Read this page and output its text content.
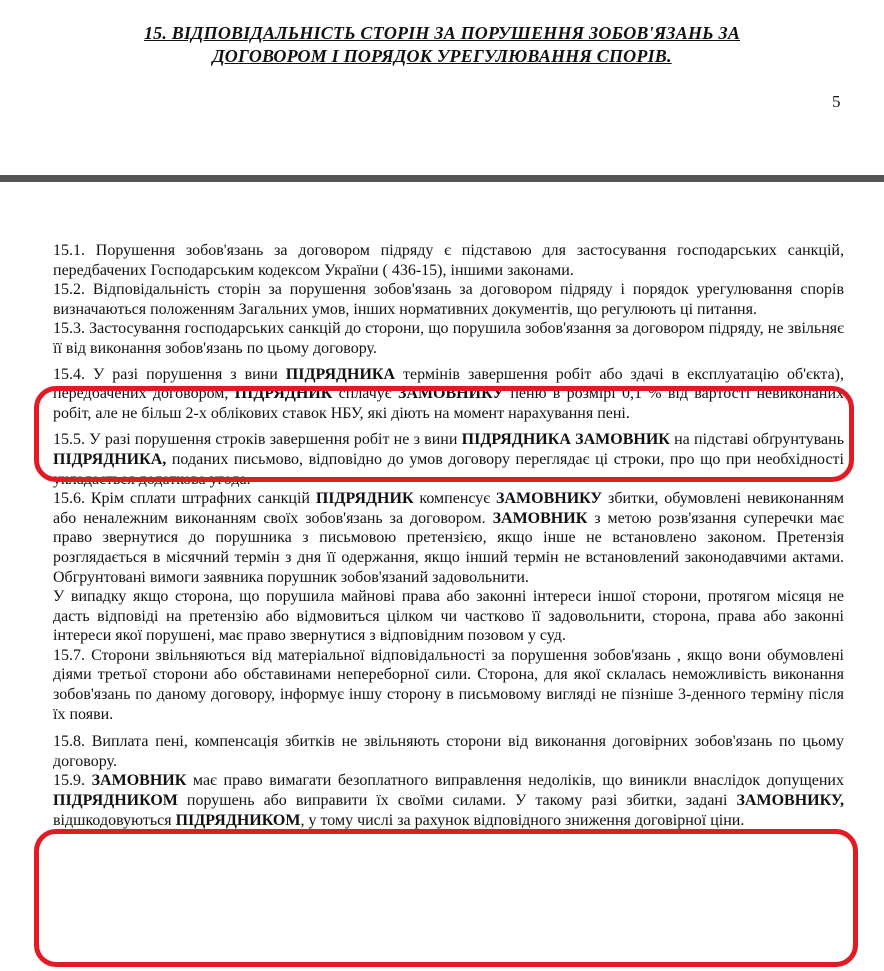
15. ВІДПОВІДАЛЬНІСТЬ СТОРІН ЗА ПОРУШЕННЯ ЗОБОВ'ЯЗАНЬ ЗА
ДОГОВОРОМ І ПОРЯДОК УРЕГУЛЮВАННЯ СПОРІВ.
5

15.1. Порушення зобов'язань за договором підряду є підставою для застосування господарських санкцій, передбачених Господарським кодексом України ( 436-15), іншими законами.

15.2. Відповідальність сторін за порушення зобов'язань за договором підряду і порядок урегулювання спорів визначаються положенням Загальних умов, інших нормативних документів, що регулюють ці питання.

15.3. Застосування господарських санкцій до сторони, що порушила зобов'язання за договором підряду, не звільняє її від виконання зобов'язань по цьому договору.

15.4. У разі порушення з вини ПІДРЯДНИКА термінів завершення робіт або здачі в експлуатацію об'єкта), передбачених договором, ПІДРЯДНИК сплачує ЗАМОВНИКУ пеню в розмірі 0,1 % від вартості невиконаних робіт, але не більш 2-х облікових ставок НБУ, які діють на момент нарахування пені.

15.5. У разі порушення строків завершення робіт не з вини ПІДРЯДНИКА ЗАМОВНИК на підставі обґрунтувань ПІДРЯДНИКА, поданих письмово, відповідно до умов договору переглядає ці строки, про що при необхідності укладається додаткова угода.

15.6. Крім сплати штрафних санкцій ПІДРЯДНИК компенсує ЗАМОВНИКУ збитки, обумовлені невиконанням або неналежним виконанням своїх зобов'язань за договором. ЗАМОВНИК з метою розв'язання суперечки має право звернутися до порушника з письмовою претензією, якщо інше не встановлено законом. Претензія розглядається в місячний термін з дня її одержання, якщо інший термін не встановлений законодавчими актами. Обгрунтовані вимоги заявника порушник зобов'язаний задовольнити.

У випадку якщо сторона, що порушила майнові права або законні інтереси іншої сторони, протягом місяця не дасть відповіді на претензію або відмовиться цілком чи частково її задовольнити, сторона, права або законні інтереси якої порушені, має право звернутися з відповідним позовом у суд.

15.7. Сторони звільняються від матеріальної відповідальності за порушення зобов'язань , якщо вони обумовлені діями третьої сторони або обставинами непереборної сили. Сторона, для якої склалась неможливість виконання зобов'язань по даному договору, інформує іншу сторону в письмовому вигляді не пізніше 3-денного терміну після їх появи.

15.8. Виплата пені, компенсація збитків не звільняють сторони від виконання договірних зобов'язань по цьому договору.

15.9. ЗАМОВНИК має право вимагати безоплатного виправлення недоліків, що виникли внаслідок допущених ПІДРЯДНИКОМ порушень або виправити їх своїми силами. У такому разі збитки, задані ЗАМОВНИКУ, відшкодовуються ПІДРЯДНИКОМ, у тому числі за рахунок відповідного зниження договірної ціни.
